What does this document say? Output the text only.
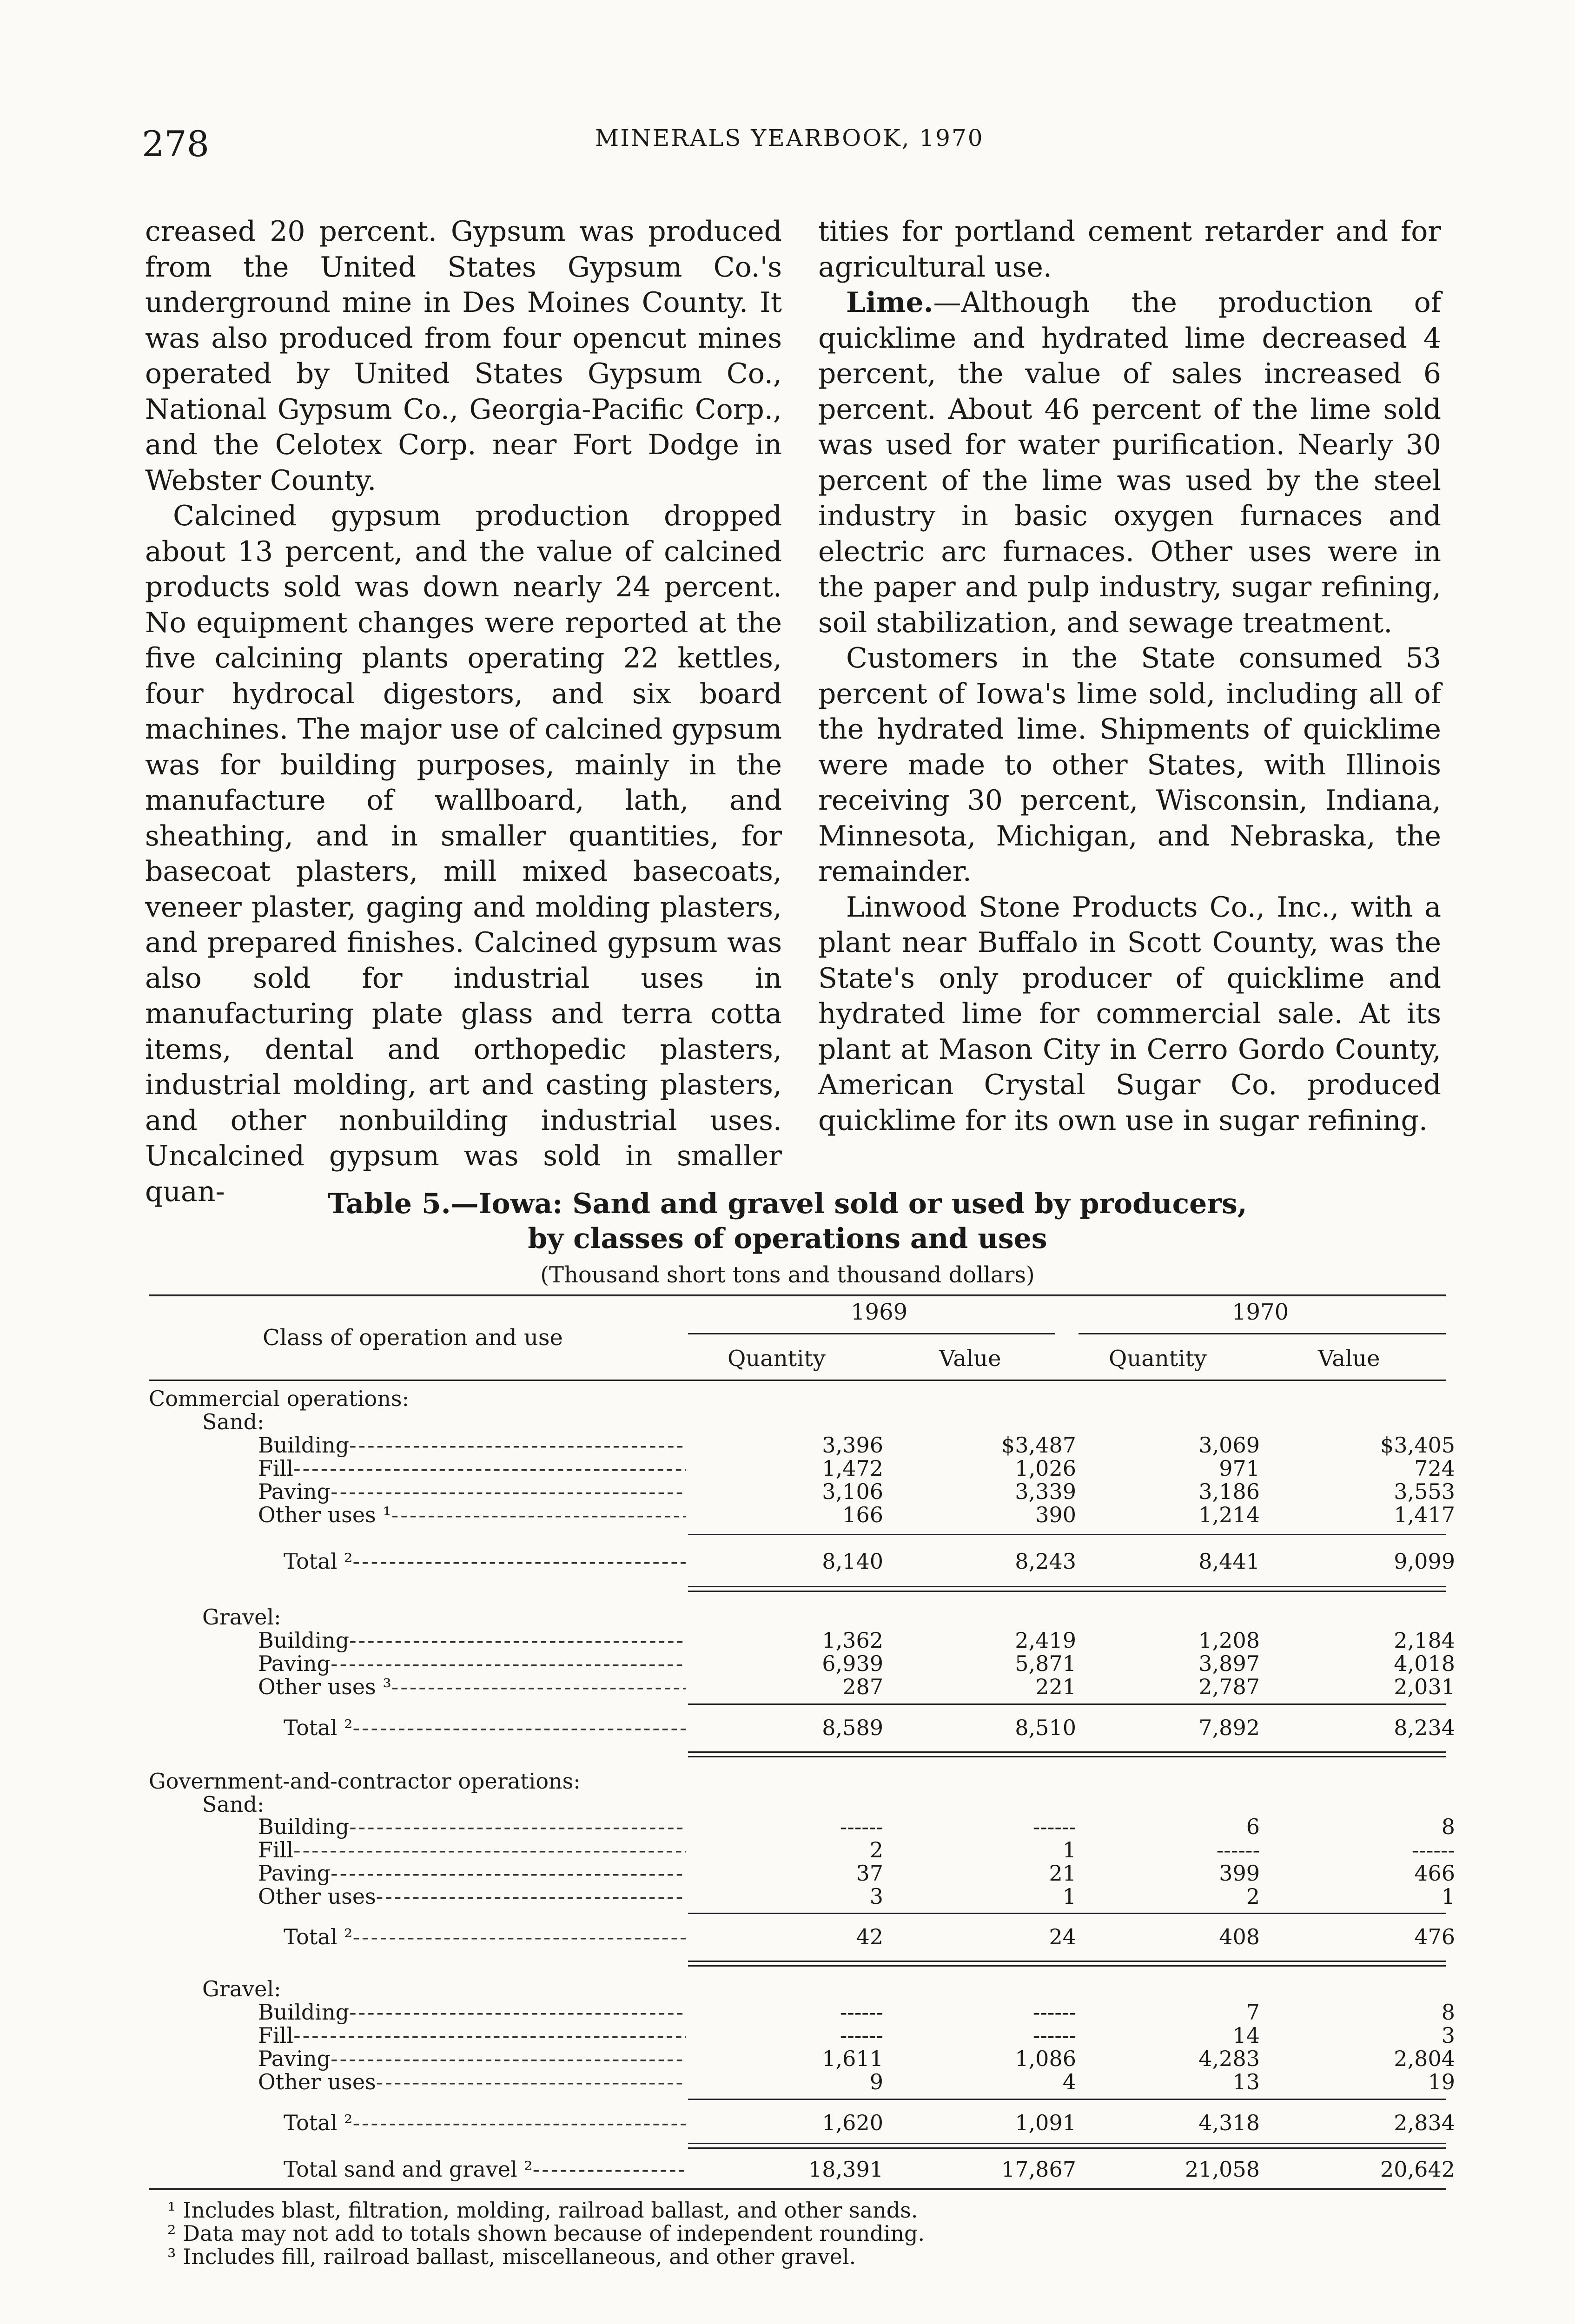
278	MINERALS YEARBOOK, 1970

creased 20 percent. Gypsum was produced from the United States Gypsum Co.'s underground mine in Des Moines County. It was also produced from four opencut mines operated by United States Gypsum Co., National Gypsum Co., Georgia-Pacific Corp., and the Celotex Corp. near Fort Dodge in Webster County.

Calcined gypsum production dropped about 13 percent, and the value of calcined products sold was down nearly 24 percent. No equipment changes were reported at the five calcining plants operating 22 kettles, four hydrocal digestors, and six board machines. The major use of calcined gypsum was for building purposes, mainly in the manufacture of wallboard, lath, and sheathing, and in smaller quantities, for basecoat plasters, mill mixed basecoats, veneer plaster, gaging and molding plasters, and prepared finishes. Calcined gypsum was also sold for industrial uses in manufacturing plate glass and terra cotta items, dental and orthopedic plasters, industrial molding, art and casting plasters, and other nonbuilding industrial uses. Uncalcined gypsum was sold in smaller quan-

tities for portland cement retarder and for agricultural use.

Lime.—Although the production of quicklime and hydrated lime decreased 4 percent, the value of sales increased 6 percent. About 46 percent of the lime sold was used for water purification. Nearly 30 percent of the lime was used by the steel industry in basic oxygen furnaces and electric arc furnaces. Other uses were in the paper and pulp industry, sugar refining, soil stabilization, and sewage treatment.

Customers in the State consumed 53 percent of Iowa's lime sold, including all of the hydrated lime. Shipments of quicklime were made to other States, with Illinois receiving 30 percent, Wisconsin, Indiana, Minnesota, Michigan, and Nebraska, the remainder.

Linwood Stone Products Co., Inc., with a plant near Buffalo in Scott County, was the State's only producer of quicklime and hydrated lime for commercial sale. At its plant at Mason City in Cerro Gordo County, American Crystal Sugar Co. produced quicklime for its own use in sugar refining.

Table 5.—Iowa: Sand and gravel sold or used by producers,
by classes of operations and uses
(Thousand short tons and thousand dollars)
Class of operation and use
1969	1970
Quantity	Value	Quantity	Value
Commercial operations:
Sand:
Building -----	3,396	$3,487	3,069	$3,405
Fill -----	1,472	1,026	971	724
Paving -----	3,106	3,339	3,186	3,553
Other uses ¹ -----	166	390	1,214	1,417
Total ² -----	8,140	8,243	8,441	9,099
Gravel:
Building -----	1,362	2,419	1,208	2,184
Paving -----	6,939	5,871	3,897	4,018
Other uses ³ -----	287	221	2,787	2,031
Total ² -----	8,589	8,510	7,892	8,234
Government-and-contractor operations:
Sand:
Building -----	------	------	6	8
Fill -----	2	1	------	------
Paving -----	37	21	399	466
Other uses -----	3	1	2	1
Total ² -----	42	24	408	476
Gravel:
Building -----	------	------	7	8
Fill -----	------	------	14	3
Paving -----	1,611	1,086	4,283	2,804
Other uses -----	9	4	13	19
Total ² -----	1,620	1,091	4,318	2,834
Total sand and gravel ² -----	18,391	17,867	21,058	20,642
¹ Includes blast, filtration, molding, railroad ballast, and other sands.
² Data may not add to totals shown because of independent rounding.
³ Includes fill, railroad ballast, miscellaneous, and other gravel.
